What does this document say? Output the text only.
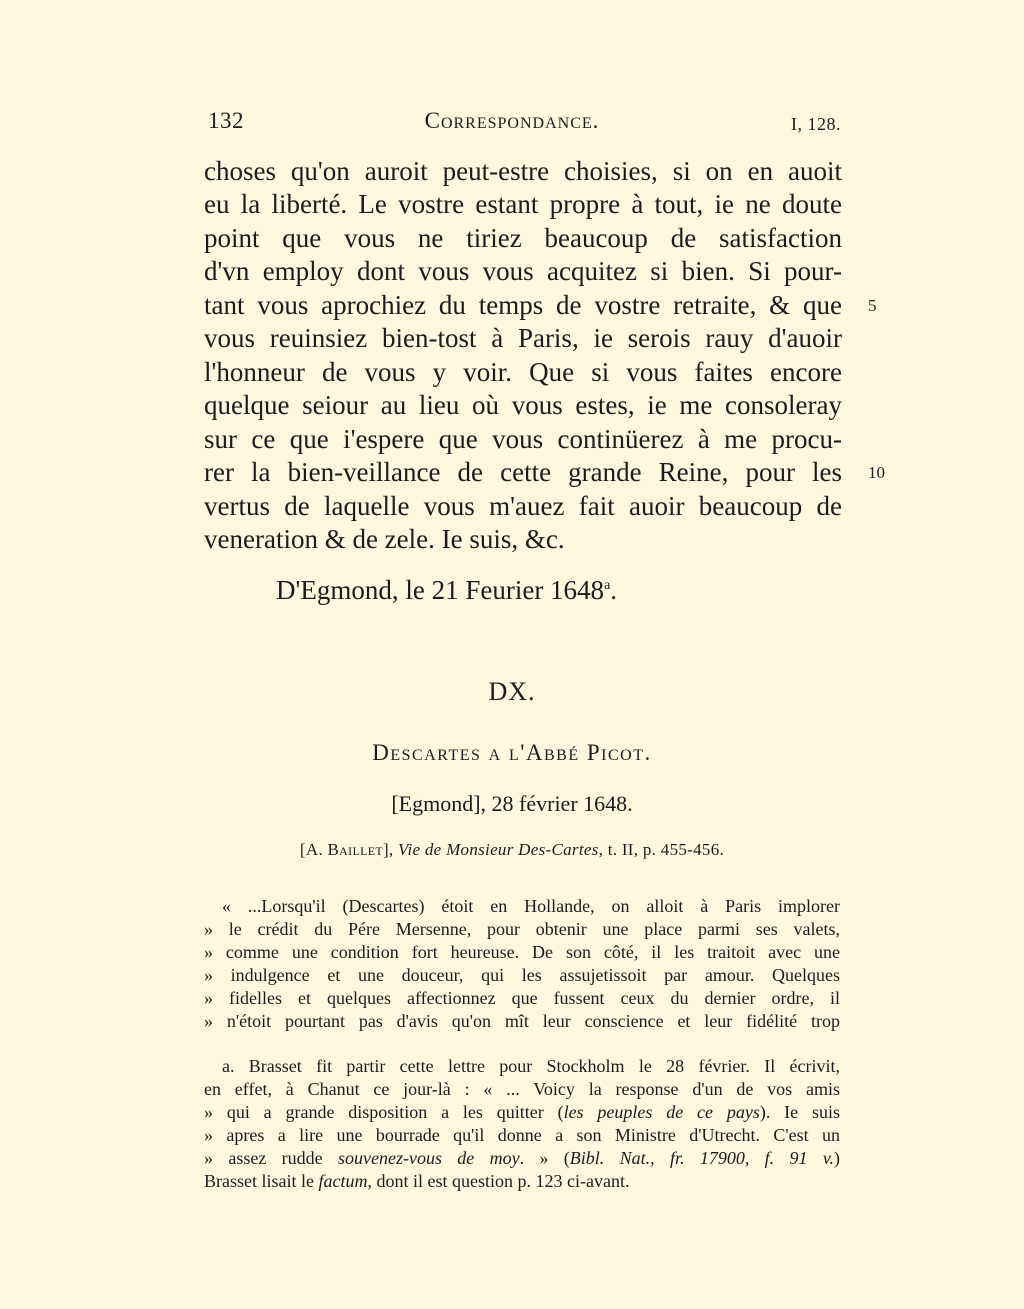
132	Correspondance.	I, 128.
choses qu'on auroit peut-estre choisies, si on en auoit
eu la liberté. Le vostre estant propre à tout, ie ne doute
point que vous ne tiriez beaucoup de satisfaction
d'vn employ dont vous vous acquitez si bien. Si pour-
tant vous aprochiez du temps de vostre retraite, & que
vous reuinsiez bien-tost à Paris, ie serois rauy d'auoir
l'honneur de vous y voir. Que si vous faites encore
quelque seiour au lieu où vous estes, ie me consoleray
sur ce que i'espere que vous continüerez à me procu-
rer la bien-veillance de cette grande Reine, pour les
vertus de laquelle vous m'auez fait auoir beaucoup de
veneration & de zele. Ie suis, &c.
5
10
D'Egmond, le 21 Feurier 1648$^a$.
DX.
Descartes a l'Abbé Picot.
[Egmond], 28 février 1648.
[A. Baillet], Vie de Monsieur Des-Cartes, t. II, p. 455-456.
« ...Lorsqu'il (Descartes) étoit en Hollande, on alloit à Paris implorer
» le crédit du Pére Mersenne, pour obtenir une place parmi ses valets,
» comme une condition fort heureuse. De son côté, il les traitoit avec une
» indulgence et une douceur, qui les assujetissoit par amour. Quelques
» fidelles et quelques affectionnez que fussent ceux du dernier ordre, il
» n'étoit pourtant pas d'avis qu'on mît leur conscience et leur fidélité trop
a. Brasset fit partir cette lettre pour Stockholm le 28 février. Il écrivit,
en effet, à Chanut ce jour-là : « ... Voicy la response d'un de vos amis
» qui a grande disposition a les quitter (les peuples de ce pays). Ie suis
» apres a lire une bourrade qu'il donne a son Ministre d'Utrecht. C'est un
» assez rudde souvenez-vous de moy. » (Bibl. Nat., fr. 17900, f. 91 v.)
Brasset lisait le factum, dont il est question p. 123 ci-avant.
